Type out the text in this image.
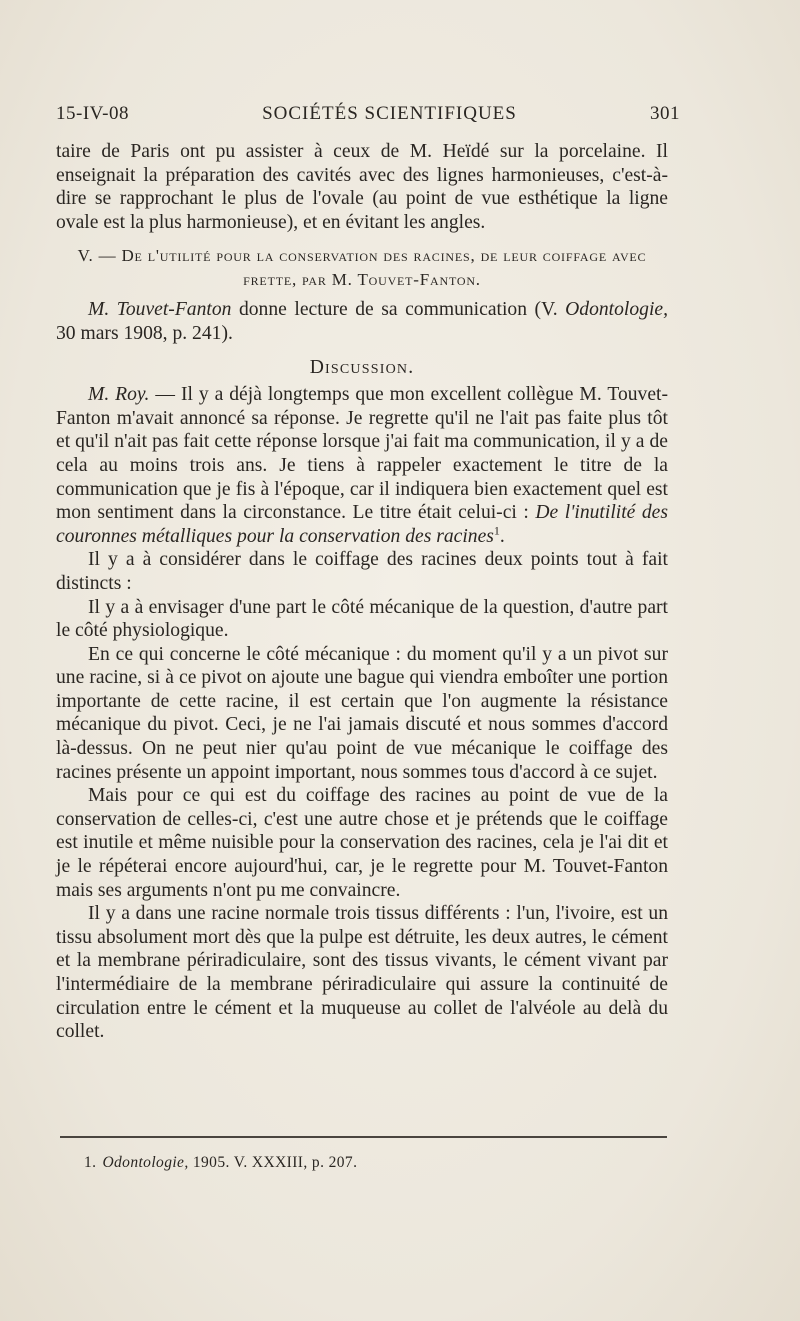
15-IV-08	SOCIÉTÉS SCIENTIFIQUES	301

taire de Paris ont pu assister à ceux de M. Heïdé sur la porcelaine. Il enseignait la préparation des cavités avec des lignes harmonieuses, c'est-à-dire se rapprochant le plus de l'ovale (au point de vue esthétique la ligne ovale est la plus harmonieuse), et en évitant les angles.

V. — De l'utilité pour la conservation des racines, de leur coiffage avec frette, par M. Touvet-Fanton.

M. Touvet-Fanton donne lecture de sa communication (V. Odontologie, 30 mars 1908, p. 241).

Discussion.

M. Roy. — Il y a déjà longtemps que mon excellent collègue M. Touvet-Fanton m'avait annoncé sa réponse. Je regrette qu'il ne l'ait pas faite plus tôt et qu'il n'ait pas fait cette réponse lorsque j'ai fait ma communication, il y a de cela au moins trois ans. Je tiens à rappeler exactement le titre de la communication que je fis à l'époque, car il indiquera bien exactement quel est mon sentiment dans la circonstance. Le titre était celui-ci : De l'inutilité des couronnes métalliques pour la conservation des racines$^1$.

Il y a à considérer dans le coiffage des racines deux points tout à fait distincts :

Il y a à envisager d'une part le côté mécanique de la question, d'autre part le côté physiologique.

En ce qui concerne le côté mécanique : du moment qu'il y a un pivot sur une racine, si à ce pivot on ajoute une bague qui viendra emboîter une portion importante de cette racine, il est certain que l'on augmente la résistance mécanique du pivot. Ceci, je ne l'ai jamais discuté et nous sommes d'accord là-dessus. On ne peut nier qu'au point de vue mécanique le coiffage des racines présente un appoint important, nous sommes tous d'accord à ce sujet.

Mais pour ce qui est du coiffage des racines au point de vue de la conservation de celles-ci, c'est une autre chose et je prétends que le coiffage est inutile et même nuisible pour la conservation des racines, cela je l'ai dit et je le répéterai encore aujourd'hui, car, je le regrette pour M. Touvet-Fanton mais ses arguments n'ont pu me convaincre.

Il y a dans une racine normale trois tissus différents : l'un, l'ivoire, est un tissu absolument mort dès que la pulpe est détruite, les deux autres, le cément et la membrane périradiculaire, sont des tissus vivants, le cément vivant par l'intermédiaire de la membrane périradiculaire qui assure la continuité de circulation entre le cément et la muqueuse au collet de l'alvéole au delà du collet.

1. Odontologie, 1905. V. XXXIII, p. 207.
